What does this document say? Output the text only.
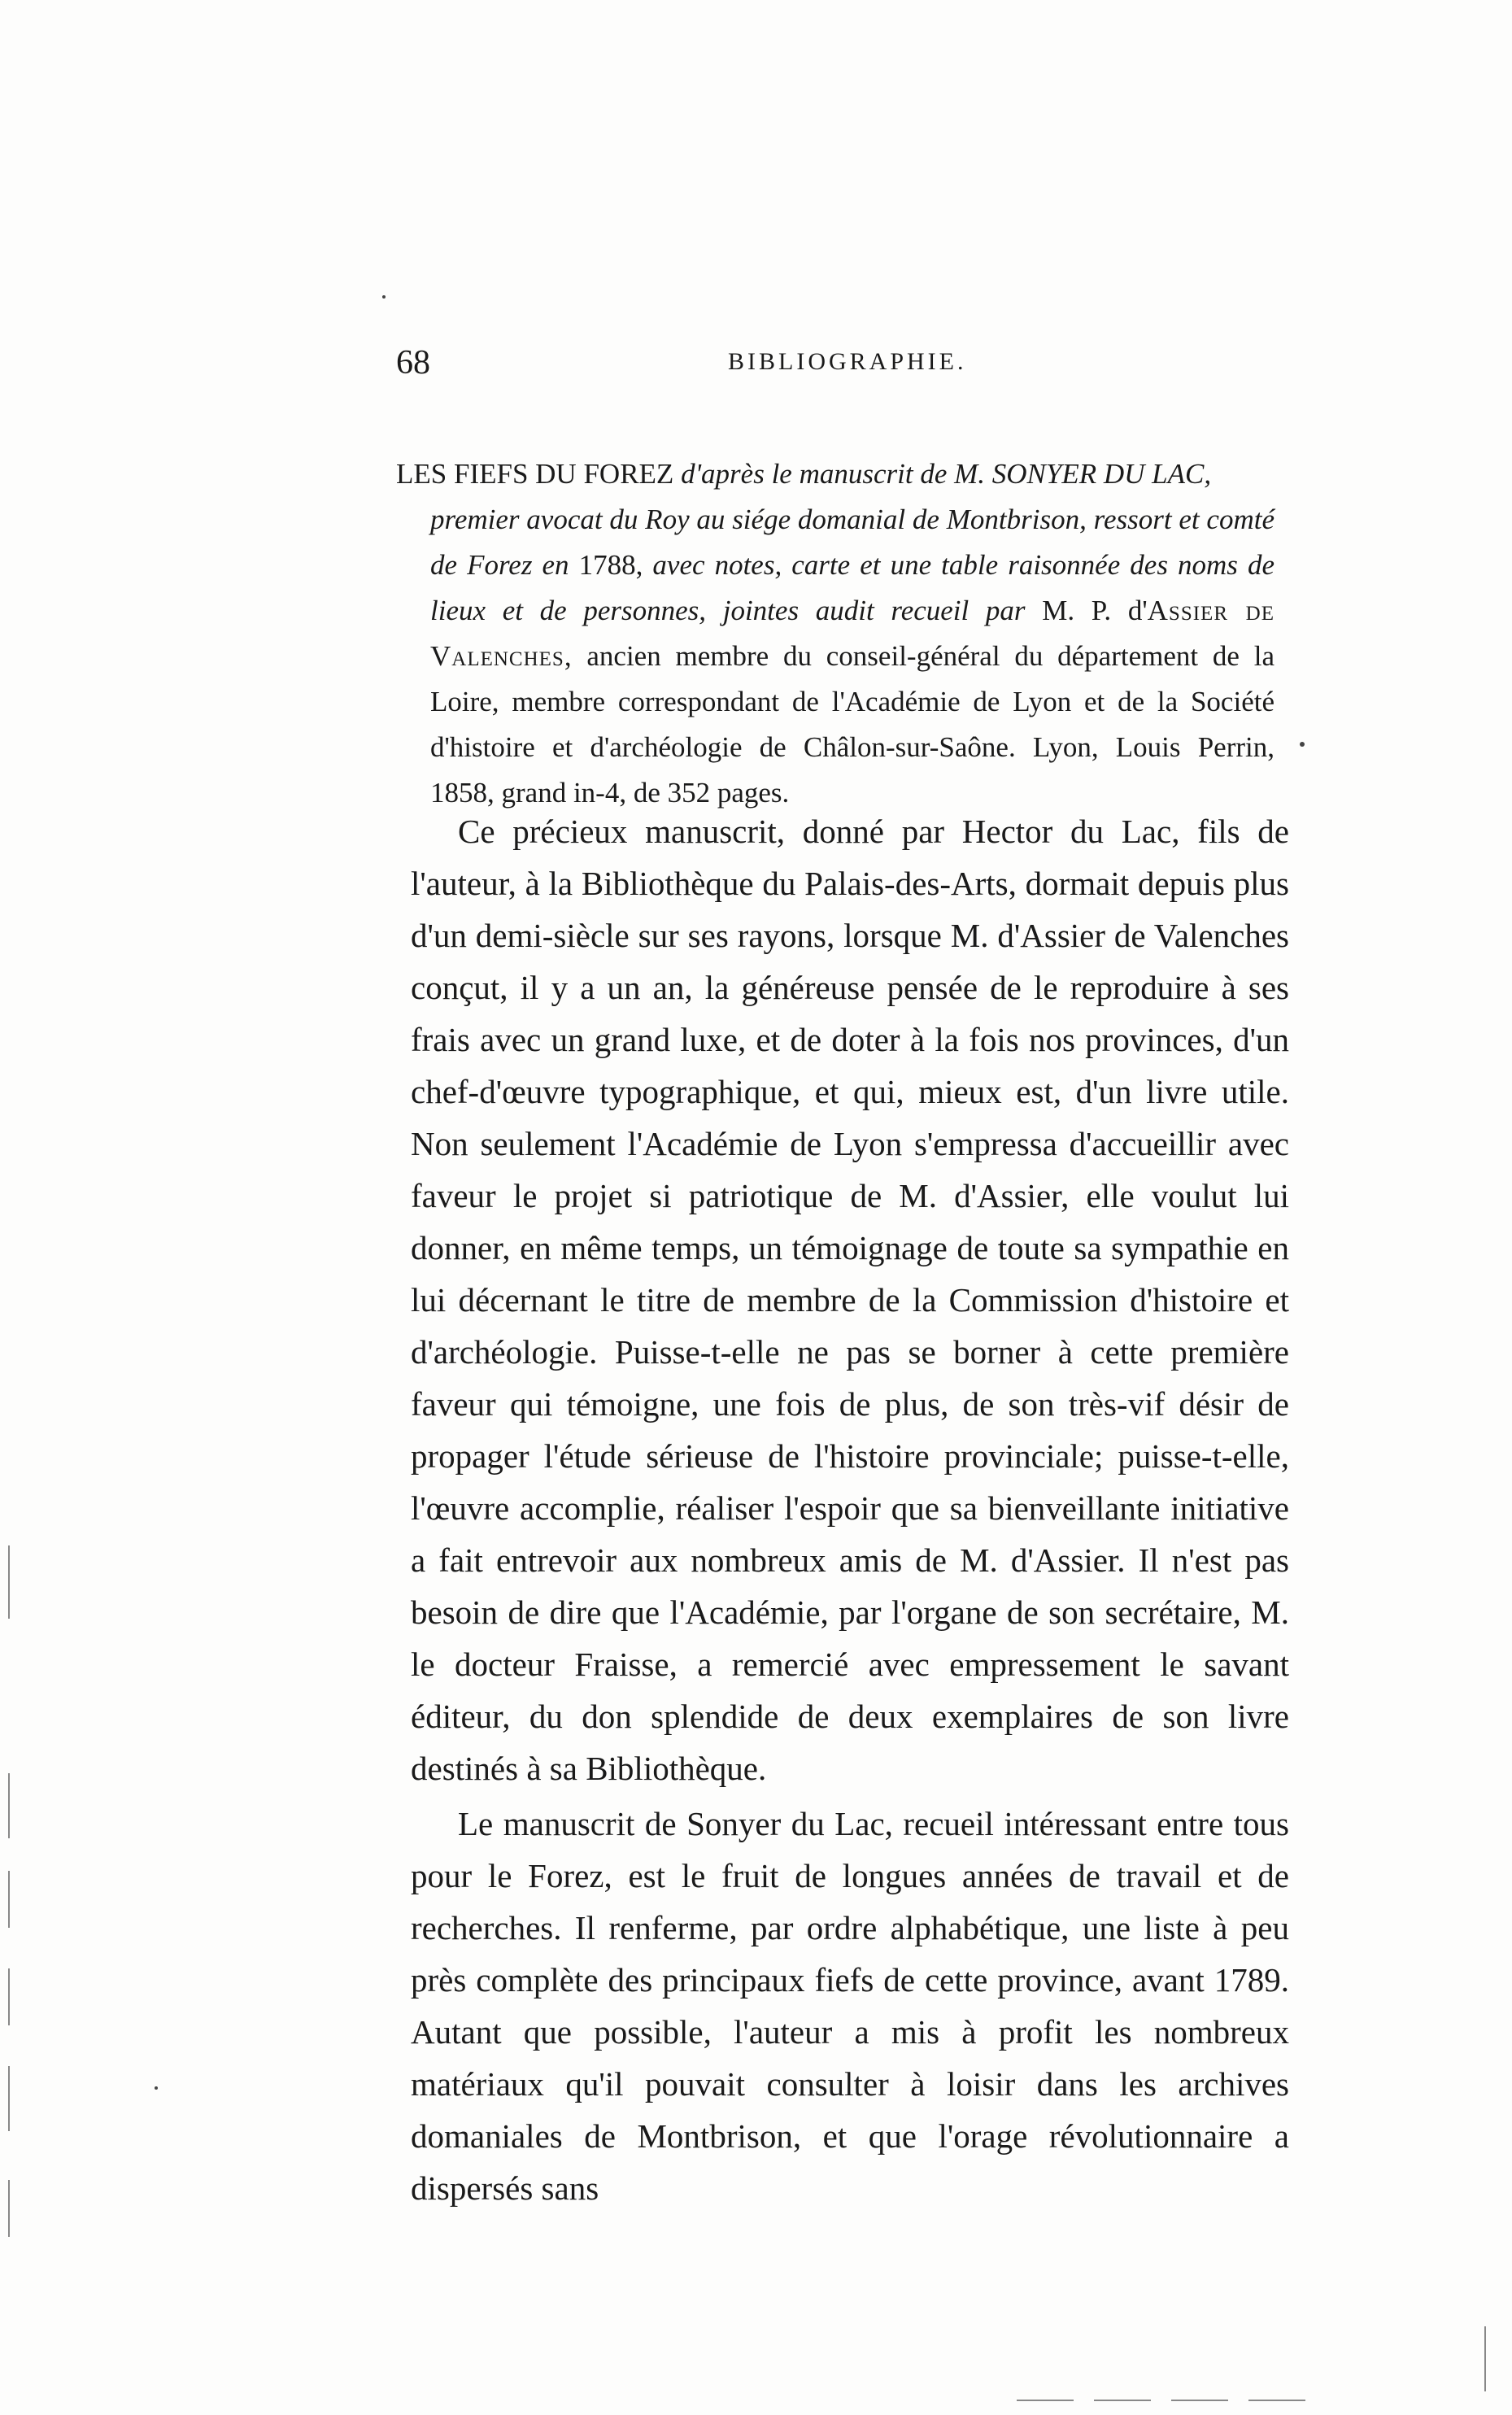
68	BIBLIOGRAPHIE.

LES FIEFS DU FOREZ d'après le manuscrit de M. SONYER DU LAC,
premier avocat du Roy au siége domanial de Montbrison, ressort et comté de Forez en 1788, avec notes, carte et une table raisonnée des noms de lieux et de personnes, jointes audit recueil par M. P. d'Assier de Valenches, ancien membre du conseil-général du département de la Loire, membre correspondant de l'Académie de Lyon et de la Société d'histoire et d'archéologie de Châlon-sur-Saône. Lyon, Louis Perrin, 1858, grand in-4, de 352 pages.

Ce précieux manuscrit, donné par Hector du Lac, fils de l'auteur, à la Bibliothèque du Palais-des-Arts, dormait depuis plus d'un demi-siècle sur ses rayons, lorsque M. d'Assier de Valenches conçut, il y a un an, la généreuse pensée de le reproduire à ses frais avec un grand luxe, et de doter à la fois nos provinces, d'un chef-d'œuvre typographique, et qui, mieux est, d'un livre utile. Non seulement l'Académie de Lyon s'empressa d'accueillir avec faveur le projet si patriotique de M. d'Assier, elle voulut lui donner, en même temps, un témoignage de toute sa sympathie en lui décernant le titre de membre de la Commission d'histoire et d'archéologie. Puisse-t-elle ne pas se borner à cette première faveur qui témoigne, une fois de plus, de son très-vif désir de propager l'étude sérieuse de l'histoire provinciale; puisse-t-elle, l'œuvre accomplie, réaliser l'espoir que sa bienveillante initiative a fait entrevoir aux nombreux amis de M. d'Assier. Il n'est pas besoin de dire que l'Académie, par l'organe de son secrétaire, M. le docteur Fraisse, a remercié avec empressement le savant éditeur, du don splendide de deux exemplaires de son livre destinés à sa Bibliothèque.

Le manuscrit de Sonyer du Lac, recueil intéressant entre tous pour le Forez, est le fruit de longues années de travail et de recherches. Il renferme, par ordre alphabétique, une liste à peu près complète des principaux fiefs de cette province, avant 1789. Autant que possible, l'auteur a mis à profit les nombreux matériaux qu'il pouvait consulter à loisir dans les archives domaniales de Montbrison, et que l'orage révolutionnaire a dispersés sans
